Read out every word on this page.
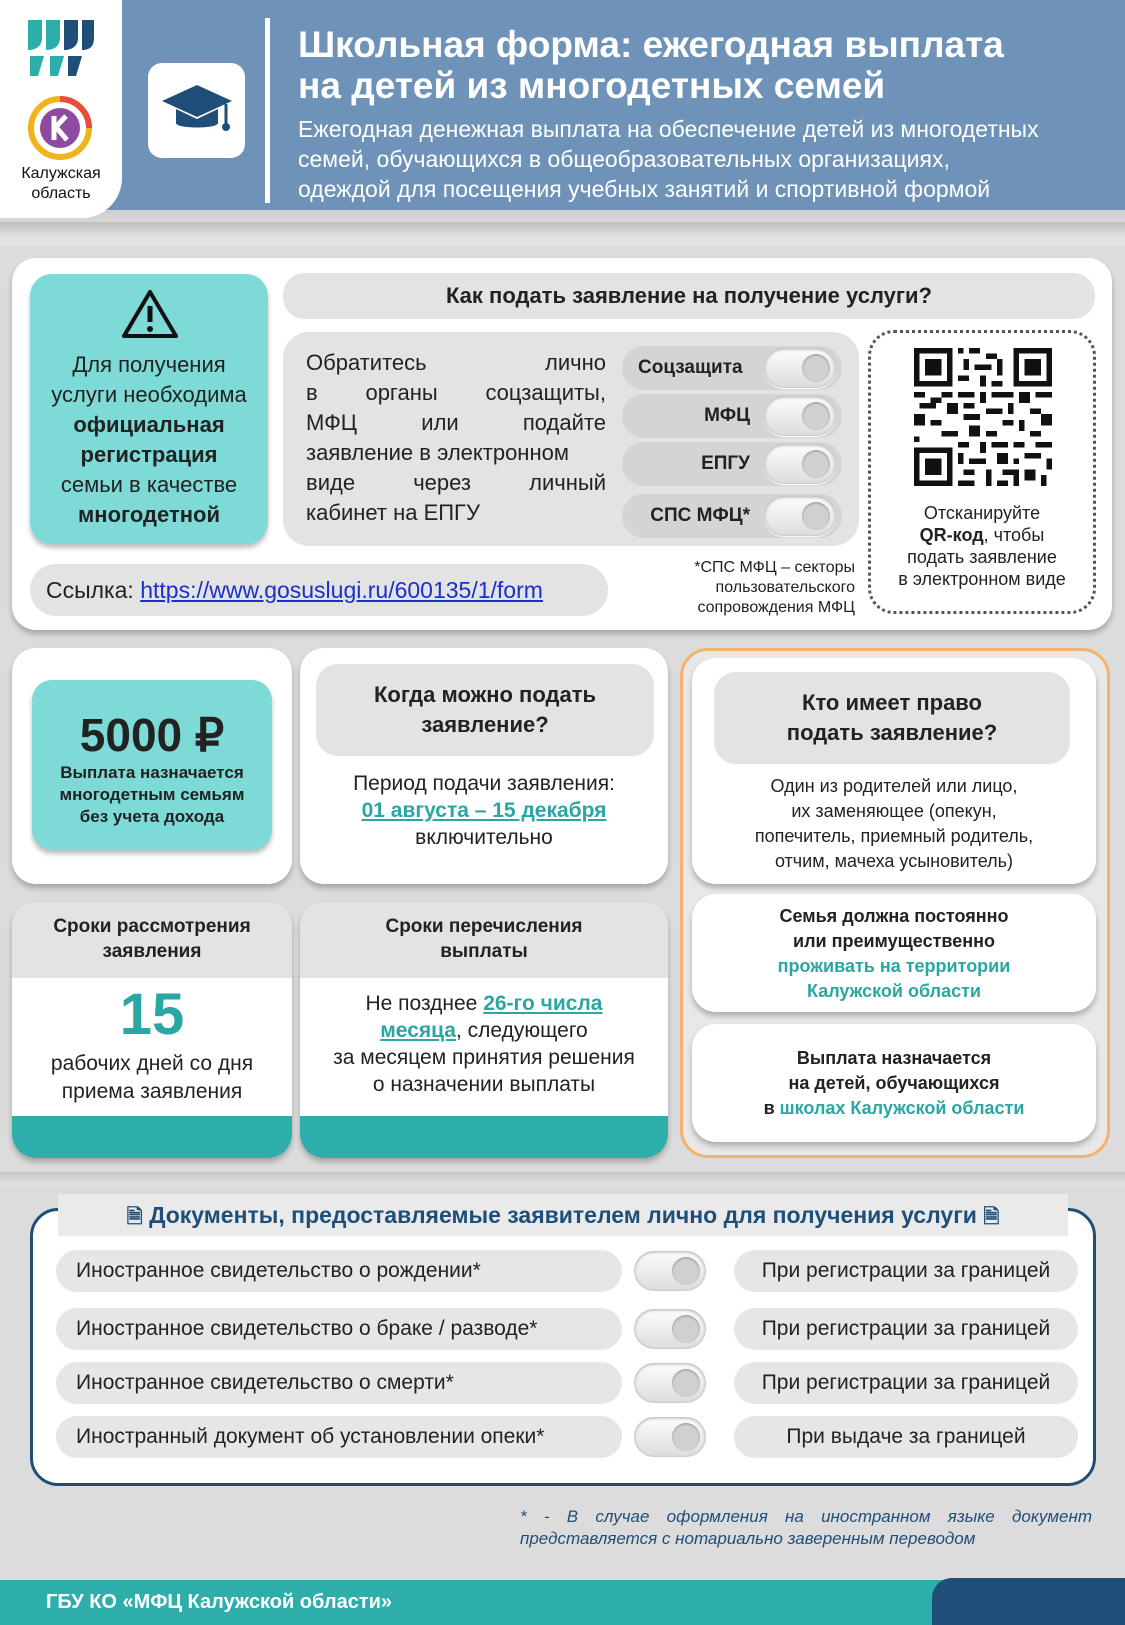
Калужская
область
Школьная форма: ежегодная выплата
на детей из многодетных семей
Ежегодная денежная выплата на обеспечение детей из многодетных
семей, обучающихся в общеобразовательных организациях,
одеждой для посещения учебных занятий и спортивной формой
Для получения
услуги необходима
официальная
регистрация
семьи в качестве
многодетной
Как подать заявление на получение услуги?
Обратитесь	лично
в органы соцзащиты,
МФЦ	или	подайте
заявление в электронном
виде	через	личный
кабинет на ЕПГУ
Соцзащита
МФЦ
ЕПГУ
СПС МФЦ*
*СПС МФЦ – секторы
пользовательского
сопровождения МФЦ
Ссылка: https://www.gosuslugi.ru/600135/1/form
Отсканируйте
QR-код, чтобы
подать заявление
в электронном виде
5000 ₽
Выплата назначается
многодетным семьям
без учета дохода
Когда можно подать
заявление?
Период подачи заявления:
01 августа – 15 декабря
включительно
Сроки рассмотрения
заявления
15
рабочих дней со дня
приема заявления
Сроки перечисления
выплаты
Не позднее 26-го числа
месяца, следующего
за месяцем принятия решения
о назначении выплаты
Кто имеет право
подать заявление?
Один из родителей или лицо,
их заменяющее (опекун,
попечитель, приемный родитель,
отчим, мачеха усыновитель)
Семья должна постоянно
или преимущественно
проживать на территории
Калужской области
Выплата назначается
на детей, обучающихся
в школах Калужской области
🗎 Документы, предоставляемые заявителем лично для получения услуги 🗎
Иностранное свидетельство о рождении*	При регистрации за границей
Иностранное свидетельство о браке / разводе*	При регистрации за границей
Иностранное свидетельство о смерти*	При регистрации за границей
Иностранный документ об установлении опеки*	При выдаче за границей
* - В случае оформления на иностранном языке документ
представляется с нотариально заверенным переводом
ГБУ КО «МФЦ Калужской области»
